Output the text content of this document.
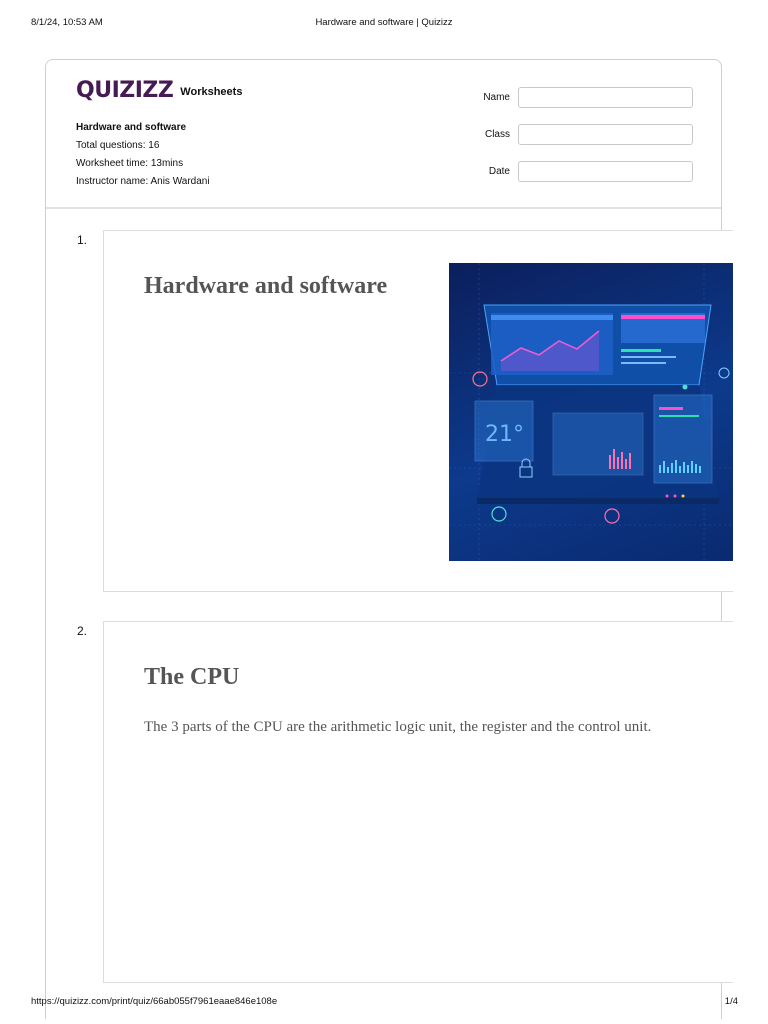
8/1/24, 10:53 AM	Hardware and software | Quizizz
QUIZIZZ Worksheets
Hardware and software
Total questions: 16
Worksheet time: 13mins
Instructor name: Anis Wardani
Name
Class
Date
1.
Hardware and software
21°
2.
The CPU
The 3 parts of the CPU are the arithmetic logic unit, the register and the control unit.
https://quizizz.com/print/quiz/66ab055f7961eaae846e108e	1/4
